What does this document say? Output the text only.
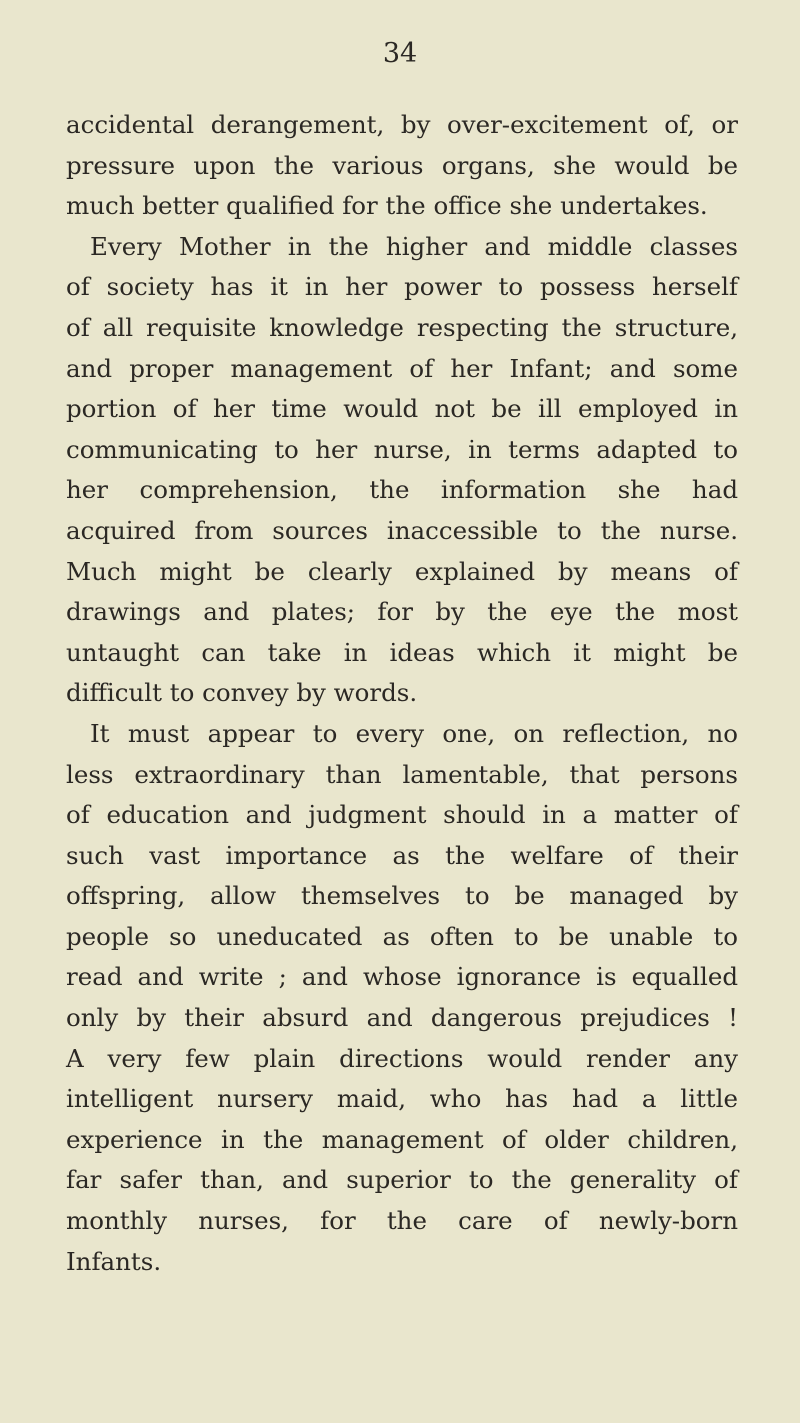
34
accidental derangement, by over-excitement of, or
pressure upon the various organs, she would be
much better qualified for the office she undertakes.
Every Mother in the higher and middle classes
of society has it in her power to possess herself
of all requisite knowledge respecting the structure,
and proper management of her Infant; and some
portion of her time would not be ill employed in
communicating to her nurse, in terms adapted to
her comprehension, the information she had
acquired from sources inaccessible to the nurse.
Much might be clearly explained by means of
drawings and plates; for by the eye the most
untaught can take in ideas which it might be
difficult to convey by words.
It must appear to every one, on reflection, no
less extraordinary than lamentable, that persons
of education and judgment should in a matter of
such vast importance as the welfare of their
offspring, allow themselves to be managed by
people so uneducated as often to be unable to
read and write ; and whose ignorance is equalled
only by their absurd and dangerous prejudices !
A very few plain directions would render any
intelligent nursery maid, who has had a little
experience in the management of older children,
far safer than, and superior to the generality of
monthly nurses, for the care of newly-born
Infants.
